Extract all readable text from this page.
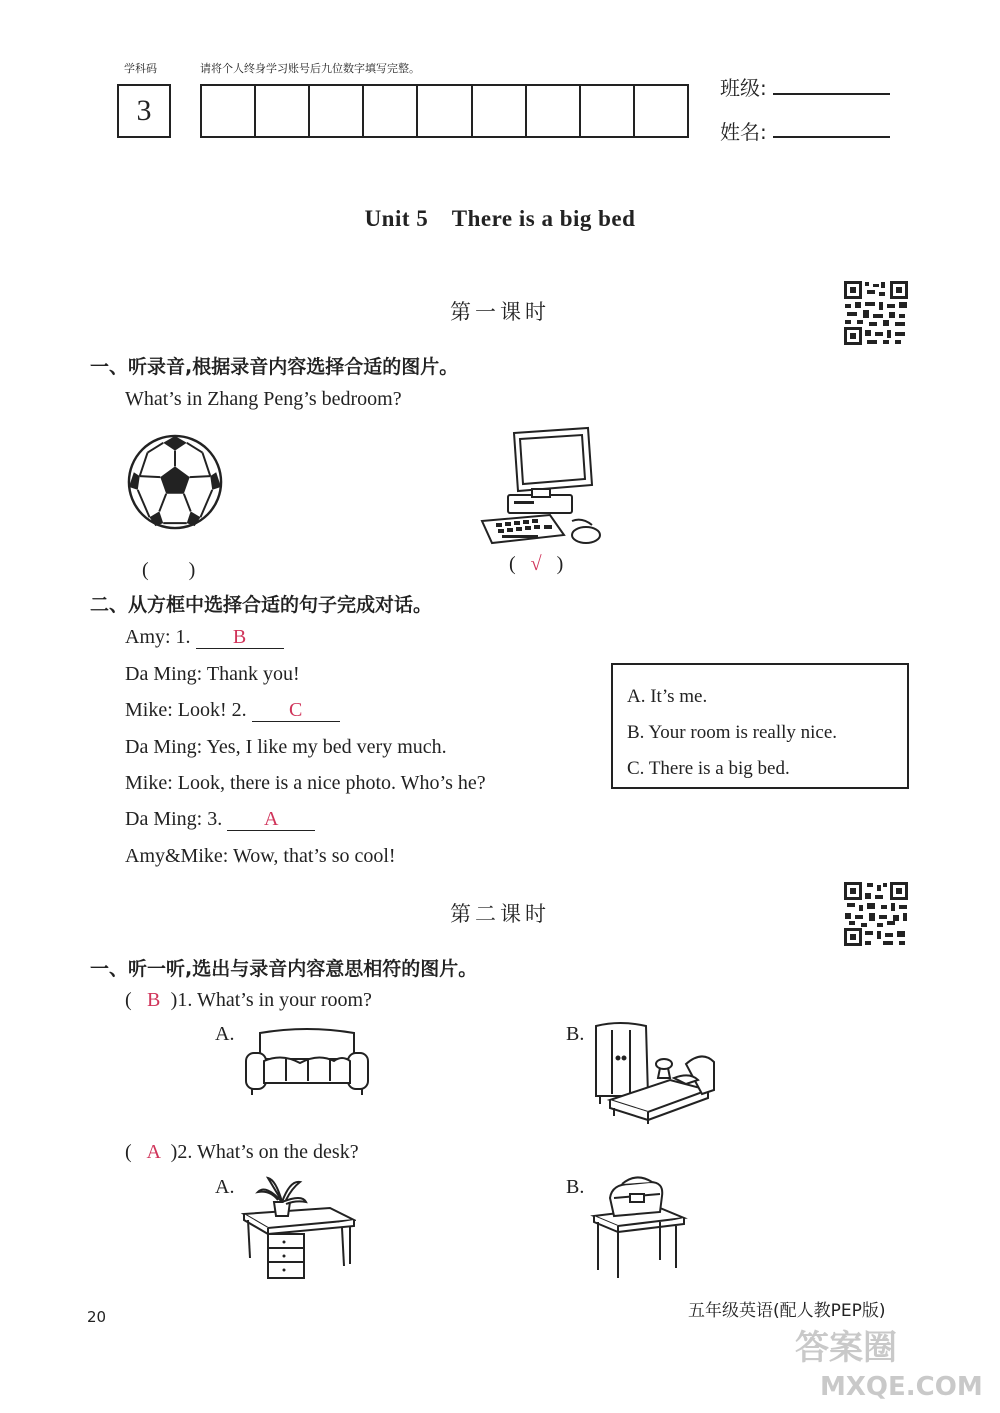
学科码	请将个人终身学习账号后九位数字填写完整。
3
班级:
姓名:
Unit 5　There is a big bed
第一课时
一、听录音,根据录音内容选择合适的图片。
What’s in Zhang Peng’s bedroom?
(　　)	( √ )
二、从方框中选择合适的句子完成对话。
Amy: 1. B
Da Ming: Thank you!
Mike: Look! 2. C
Da Ming: Yes, I like my bed very much.
Mike: Look, there is a nice photo. Who’s he?
Da Ming: 3. A
Amy&Mike: Wow, that’s so cool!
A. It’s me.
B. Your room is really nice.
C. There is a big bed.
第二课时
一、听一听,选出与录音内容意思相符的图片。
( B )1. What’s in your room?
A.	B.
( A )2. What’s on the desk?
A.	B.
20	五年级英语(配人教PEP版)
答案圈
MXQE.COM
